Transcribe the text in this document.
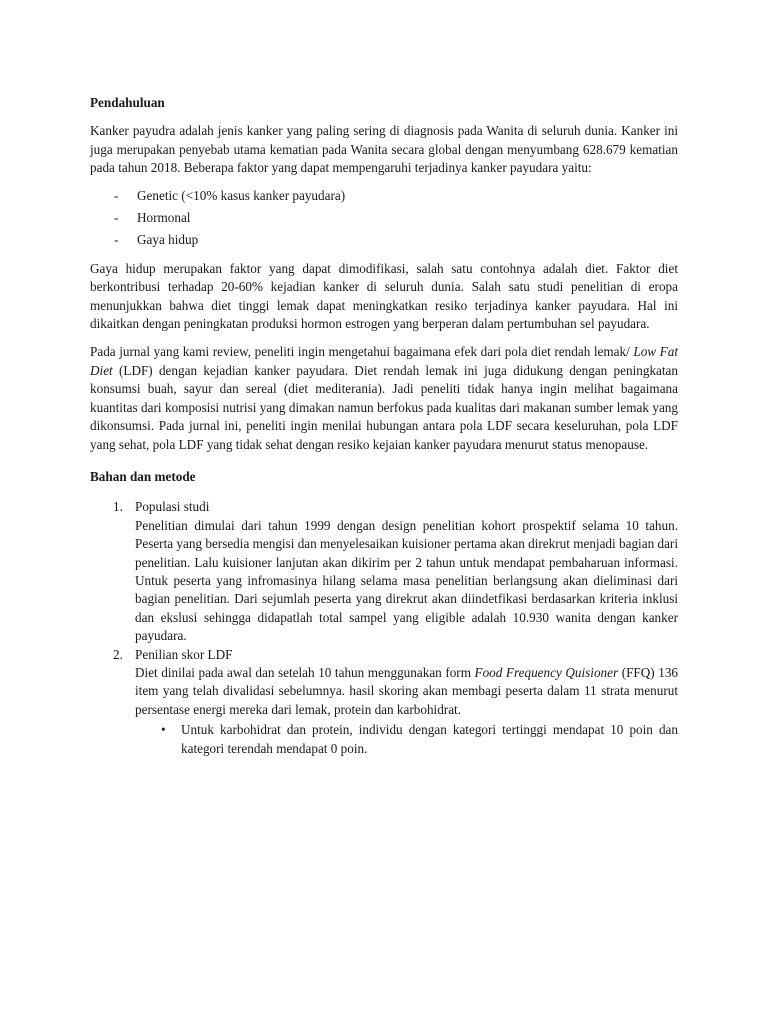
Pendahuluan

Kanker payudra adalah jenis kanker yang paling sering di diagnosis pada Wanita di seluruh dunia. Kanker ini juga merupakan penyebab utama kematian pada Wanita secara global dengan menyumbang 628.679 kematian pada tahun 2018. Beberapa faktor yang dapat mempengaruhi terjadinya kanker payudara yaitu:

- Genetic (<10% kasus kanker payudara)
- Hormonal
- Gaya hidup

Gaya hidup merupakan faktor yang dapat dimodifikasi, salah satu contohnya adalah diet. Faktor diet berkontribusi terhadap 20-60% kejadian kanker di seluruh dunia. Salah satu studi penelitian di eropa menunjukkan bahwa diet tinggi lemak dapat meningkatkan resiko terjadinya kanker payudara. Hal ini dikaitkan dengan peningkatan produksi hormon estrogen yang berperan dalam pertumbuhan sel payudara.

Pada jurnal yang kami review, peneliti ingin mengetahui bagaimana efek dari pola diet rendah lemak/ Low Fat Diet (LDF) dengan kejadian kanker payudara. Diet rendah lemak ini juga didukung dengan peningkatan konsumsi buah, sayur dan sereal (diet mediterania). Jadi peneliti tidak hanya ingin melihat bagaimana kuantitas dari komposisi nutrisi yang dimakan namun berfokus pada kualitas dari makanan sumber lemak yang dikonsumsi. Pada jurnal ini, peneliti ingin menilai hubungan antara pola LDF secara keseluruhan, pola LDF yang sehat, pola LDF yang tidak sehat dengan resiko kejaian kanker payudara menurut status menopause.

Bahan dan metode
1. Populasi studi
Penelitian dimulai dari tahun 1999 dengan design penelitian kohort prospektif selama 10 tahun. Peserta yang bersedia mengisi dan menyelesaikan kuisioner pertama akan direkrut menjadi bagian dari penelitian. Lalu kuisioner lanjutan akan dikirim per 2 tahun untuk mendapat pembaharuan informasi. Untuk peserta yang infromasinya hilang selama masa penelitian berlangsung akan dieliminasi dari bagian penelitian. Dari sejumlah peserta yang direkrut akan diindetfikasi berdasarkan kriteria inklusi dan ekslusi sehingga didapatlah total sampel yang eligible adalah 10.930 wanita dengan kanker payudara.
2. Penilian skor LDF
Diet dinilai pada awal dan setelah 10 tahun menggunakan form Food Frequency Quisioner (FFQ) 136 item yang telah divalidasi sebelumnya. hasil skoring akan membagi peserta dalam 11 strata menurut persentase energi mereka dari lemak, protein dan karbohidrat.
• Untuk karbohidrat dan protein, individu dengan kategori tertinggi mendapat 10 poin dan kategori terendah mendapat 0 poin.
